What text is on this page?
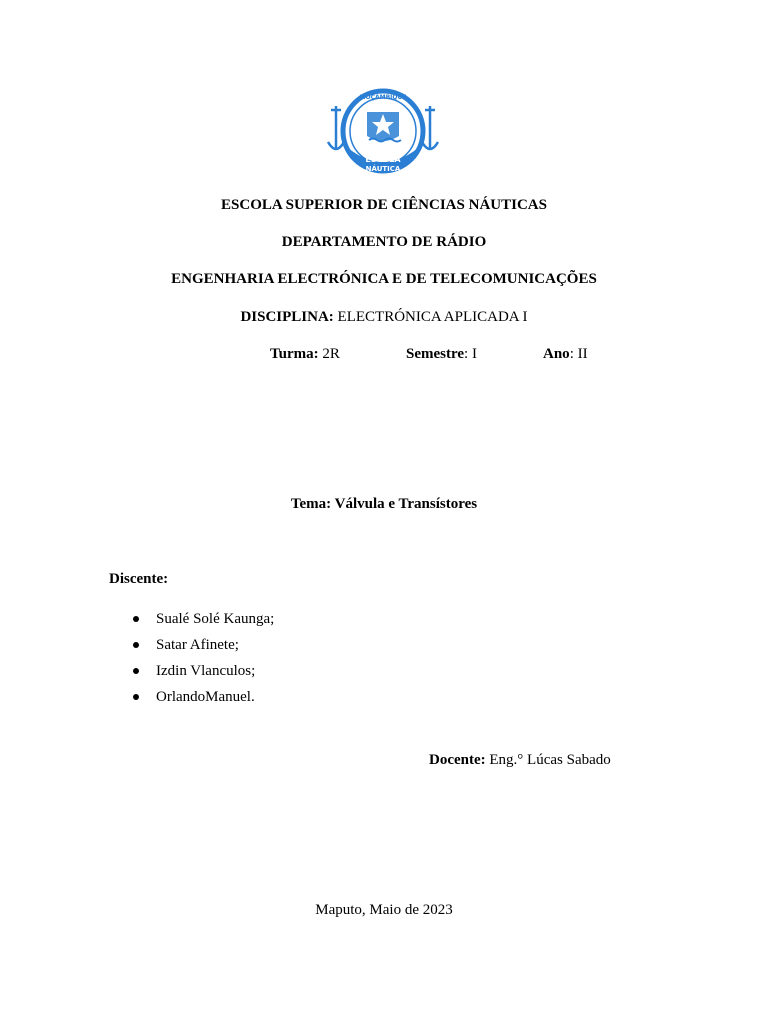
MOÇAMBIQUE
ESCOLA
NÁUTICA
ESCOLA SUPERIOR DE CIÊNCIAS NÁUTICAS
DEPARTAMENTO DE RÁDIO
ENGENHARIA ELECTRÓNICA E DE TELECOMUNICAÇÕES
DISCIPLINA: ELECTRÓNICA APLICADA I
Turma: 2R	Semestre: I	Ano: II
Tema: Válvula e Transístores
Discente:
Sualé Solé Kaunga;
Satar Afinete;
Izdin Vlanculos;
OrlandoManuel.
Docente: Eng.° Lúcas Sabado
Maputo, Maio de 2023
